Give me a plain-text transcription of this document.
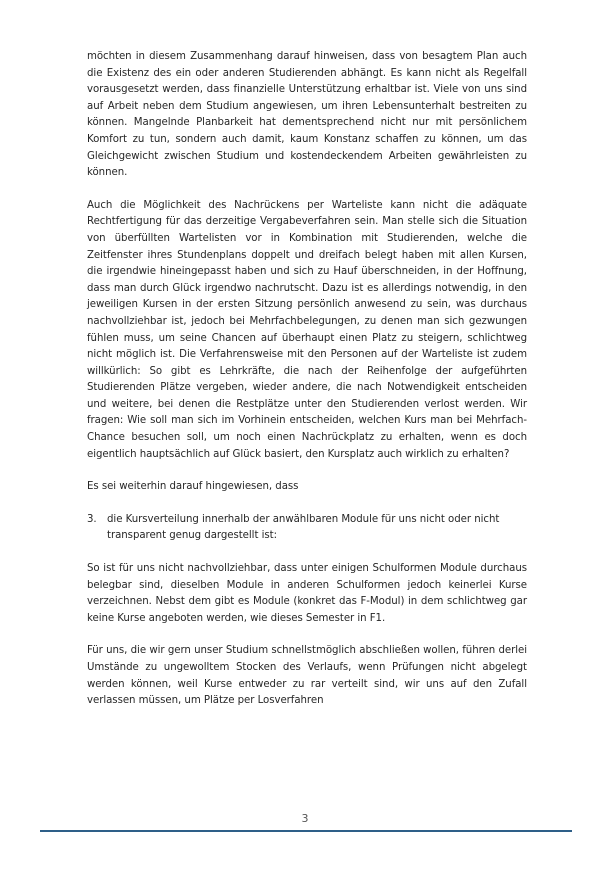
möchten in diesem Zusammenhang darauf hinweisen, dass von besagtem Plan auch die Existenz des ein oder anderen Studierenden abhängt. Es kann nicht als Regelfall vorausgesetzt werden, dass finanzielle Unterstützung erhaltbar ist. Viele von uns sind auf Arbeit neben dem Studium angewiesen, um ihren Lebensunterhalt bestreiten zu können. Mangelnde Planbarkeit hat dementsprechend nicht nur mit persönlichem Komfort zu tun, sondern auch damit, kaum Konstanz schaffen zu können, um das Gleichgewicht zwischen Studium und kostendeckendem Arbeiten gewährleisten zu können.

Auch die Möglichkeit des Nachrückens per Warteliste kann nicht die adäquate Rechtfertigung für das derzeitige Vergabeverfahren sein. Man stelle sich die Situation von überfüllten Wartelisten vor in Kombination mit Studierenden, welche die Zeitfenster ihres Stundenplans doppelt und dreifach belegt haben mit allen Kursen, die irgendwie hineingepasst haben und sich zu Hauf überschneiden, in der Hoffnung, dass man durch Glück irgendwo nachrutscht. Dazu ist es allerdings notwendig, in den jeweiligen Kursen in der ersten Sitzung persönlich anwesend zu sein, was durchaus nachvollziehbar ist, jedoch bei Mehrfachbelegungen, zu denen man sich gezwungen fühlen muss, um seine Chancen auf überhaupt einen Platz zu steigern, schlichtweg nicht möglich ist. Die Verfahrensweise mit den Personen auf der Warteliste ist zudem willkürlich: So gibt es Lehrkräfte, die nach der Reihenfolge der aufgeführten Studierenden Plätze vergeben, wieder andere, die nach Notwendigkeit entscheiden und weitere, bei denen die Restplätze unter den Studierenden verlost werden. Wir fragen: Wie soll man sich im Vorhinein entscheiden, welchen Kurs man bei Mehrfach-Chance besuchen soll, um noch einen Nachrückplatz zu erhalten, wenn es doch eigentlich hauptsächlich auf Glück basiert, den Kursplatz auch wirklich zu erhalten?

Es sei weiterhin darauf hingewiesen, dass

3.	die Kursverteilung innerhalb der anwählbaren Module für uns nicht oder nicht transparent genug dargestellt ist:

So ist für uns nicht nachvollziehbar, dass unter einigen Schulformen Module durchaus belegbar sind, dieselben Module in anderen Schulformen jedoch keinerlei Kurse verzeichnen. Nebst dem gibt es Module (konkret das F-Modul) in dem schlichtweg gar keine Kurse angeboten werden, wie dieses Semester in F1.

Für uns, die wir gern unser Studium schnellstmöglich abschließen wollen, führen derlei Umstände zu ungewolltem Stocken des Verlaufs, wenn Prüfungen nicht abgelegt werden können, weil Kurse entweder zu rar verteilt sind, wir uns auf den Zufall verlassen müssen, um Plätze per Losverfahren

3
